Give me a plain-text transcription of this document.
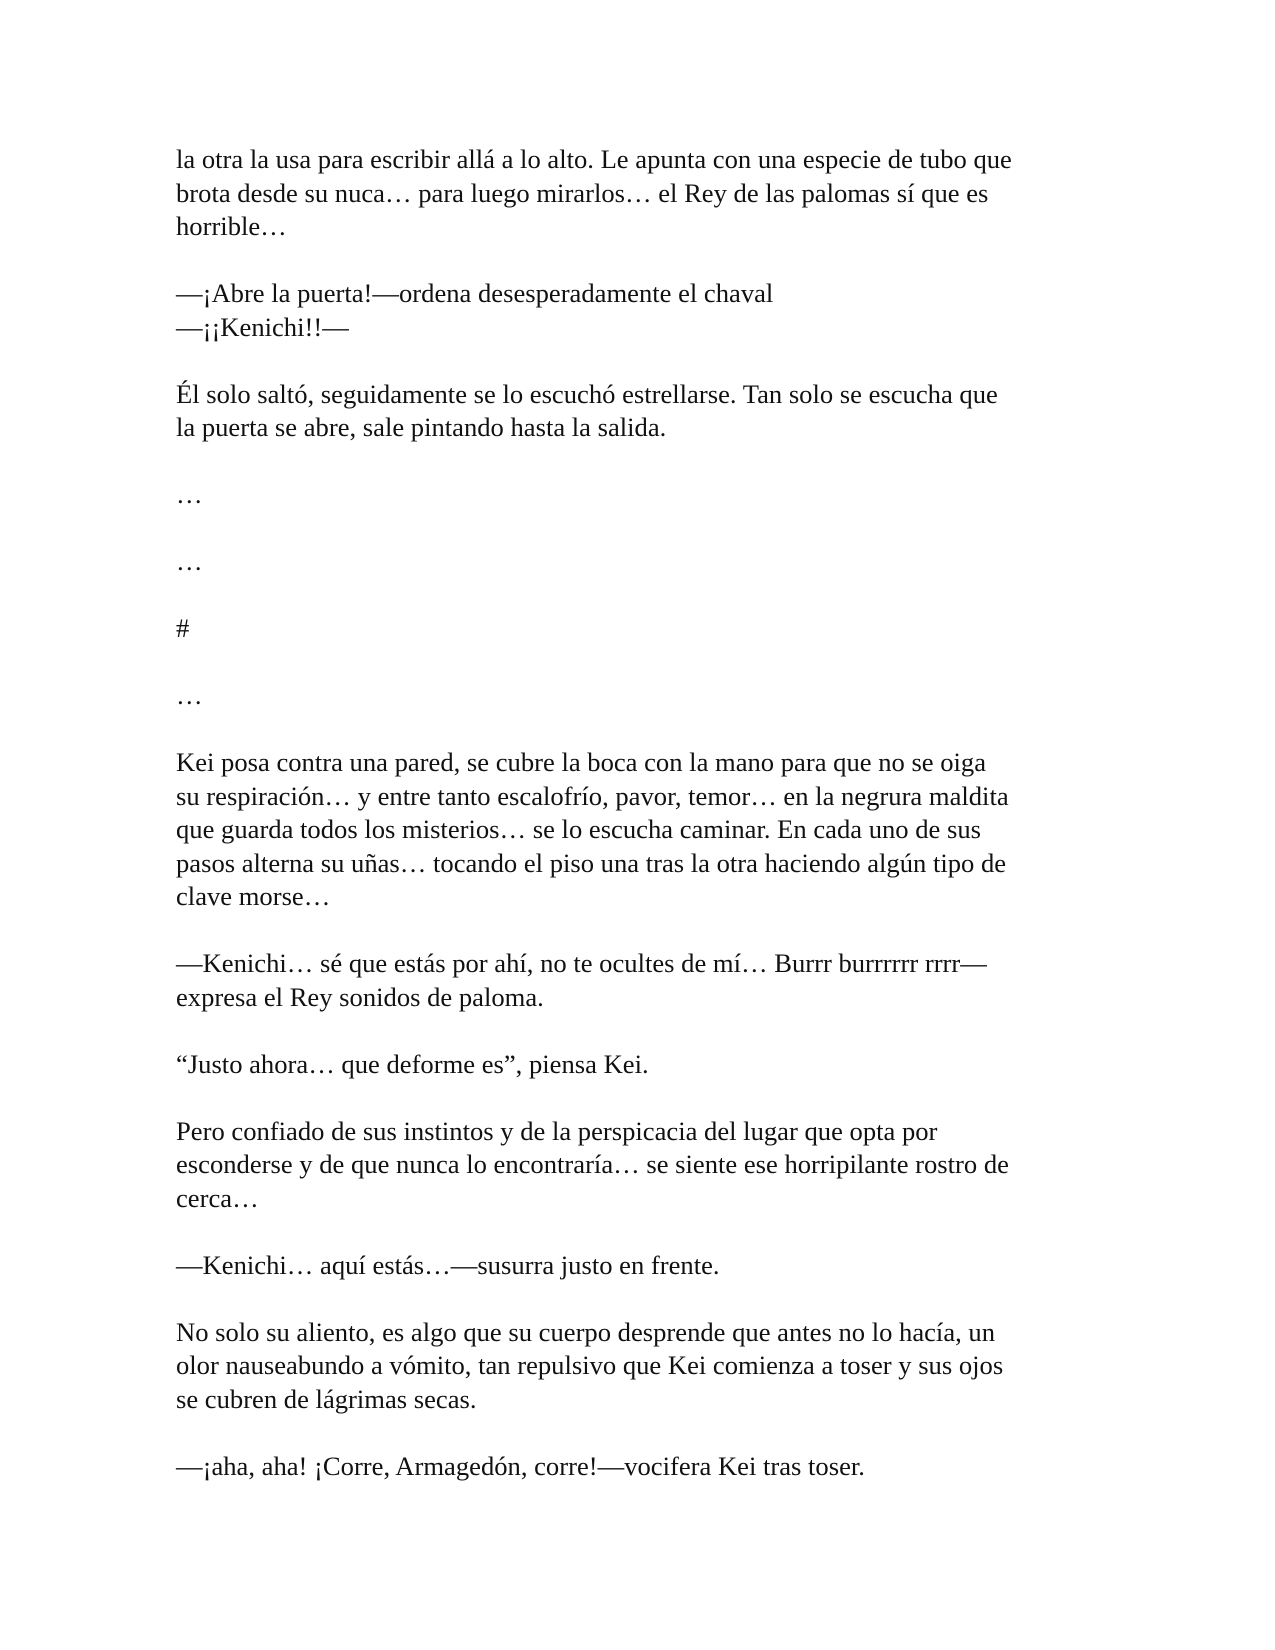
la otra la usa para escribir allá a lo alto. Le apunta con una especie de tubo que
brota desde su nuca… para luego mirarlos… el Rey de las palomas sí que es
horrible…

—¡Abre la puerta!—ordena desesperadamente el chaval
—¡¡Kenichi!!—

Él solo saltó, seguidamente se lo escuchó estrellarse. Tan solo se escucha que
la puerta se abre, sale pintando hasta la salida.

…

…

#

…

Kei posa contra una pared, se cubre la boca con la mano para que no se oiga
su respiración… y entre tanto escalofrío, pavor, temor… en la negrura maldita
que guarda todos los misterios… se lo escucha caminar. En cada uno de sus
pasos alterna su uñas… tocando el piso una tras la otra haciendo algún tipo de
clave morse…

—Kenichi… sé que estás por ahí, no te ocultes de mí… Burrr burrrrrr rrrr—
expresa el Rey sonidos de paloma.

“Justo ahora… que deforme es”, piensa Kei.

Pero confiado de sus instintos y de la perspicacia del lugar que opta por
esconderse y de que nunca lo encontraría… se siente ese horripilante rostro de
cerca…

—Kenichi… aquí estás…—susurra justo en frente.

No solo su aliento, es algo que su cuerpo desprende que antes no lo hacía, un
olor nauseabundo a vómito, tan repulsivo que Kei comienza a toser y sus ojos
se cubren de lágrimas secas.

—¡aha, aha! ¡Corre, Armagedón, corre!—vocifera Kei tras toser.
